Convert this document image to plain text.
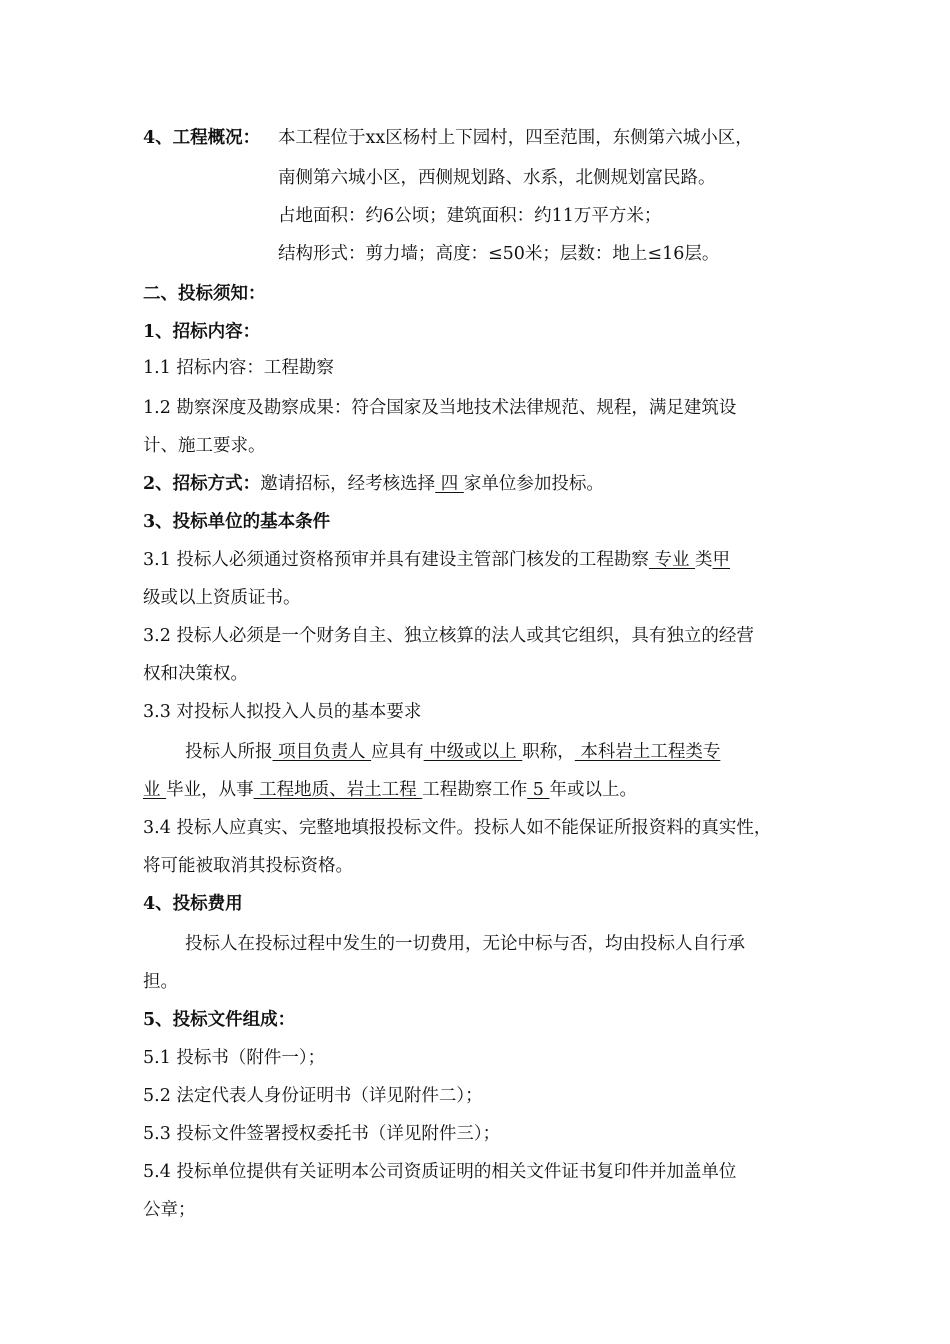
4、工程概况： 本工程位于xx区杨村上下园村，四至范围，东侧第六城小区，
南侧第六城小区，西侧规划路、水系，北侧规划富民路。
占地面积：约6公顷；建筑面积：约11万平方米；
结构形式：剪力墙；高度：≤50米；层数：地上≤16层。
二、投标须知：
1、招标内容：
1.1 招标内容：工程勘察
1.2 勘察深度及勘察成果：符合国家及当地技术法律规范、规程，满足建筑设
计、施工要求。
2、招标方式：邀请招标，经考核选择 四 家单位参加投标。
3、投标单位的基本条件
3.1 投标人必须通过资格预审并具有建设主管部门核发的工程勘察 专业 类甲
级或以上资质证书。
3.2 投标人必须是一个财务自主、独立核算的法人或其它组织，具有独立的经营
权和决策权。
3.3 对投标人拟投入人员的基本要求
投标人所报 项目负责人 应具有 中级或以上 职称， 本科岩土工程类专
业 毕业，从事 工程地质、岩土工程 工程勘察工作 5 年或以上。
3.4 投标人应真实、完整地填报投标文件。投标人如不能保证所报资料的真实性，
将可能被取消其投标资格。
4、投标费用
投标人在投标过程中发生的一切费用，无论中标与否，均由投标人自行承
担。
5、投标文件组成：
5.1 投标书（附件一）；
5.2 法定代表人身份证明书（详见附件二）；
5.3 投标文件签署授权委托书（详见附件三）；
5.4 投标单位提供有关证明本公司资质证明的相关文件证书复印件并加盖单位
公章；
